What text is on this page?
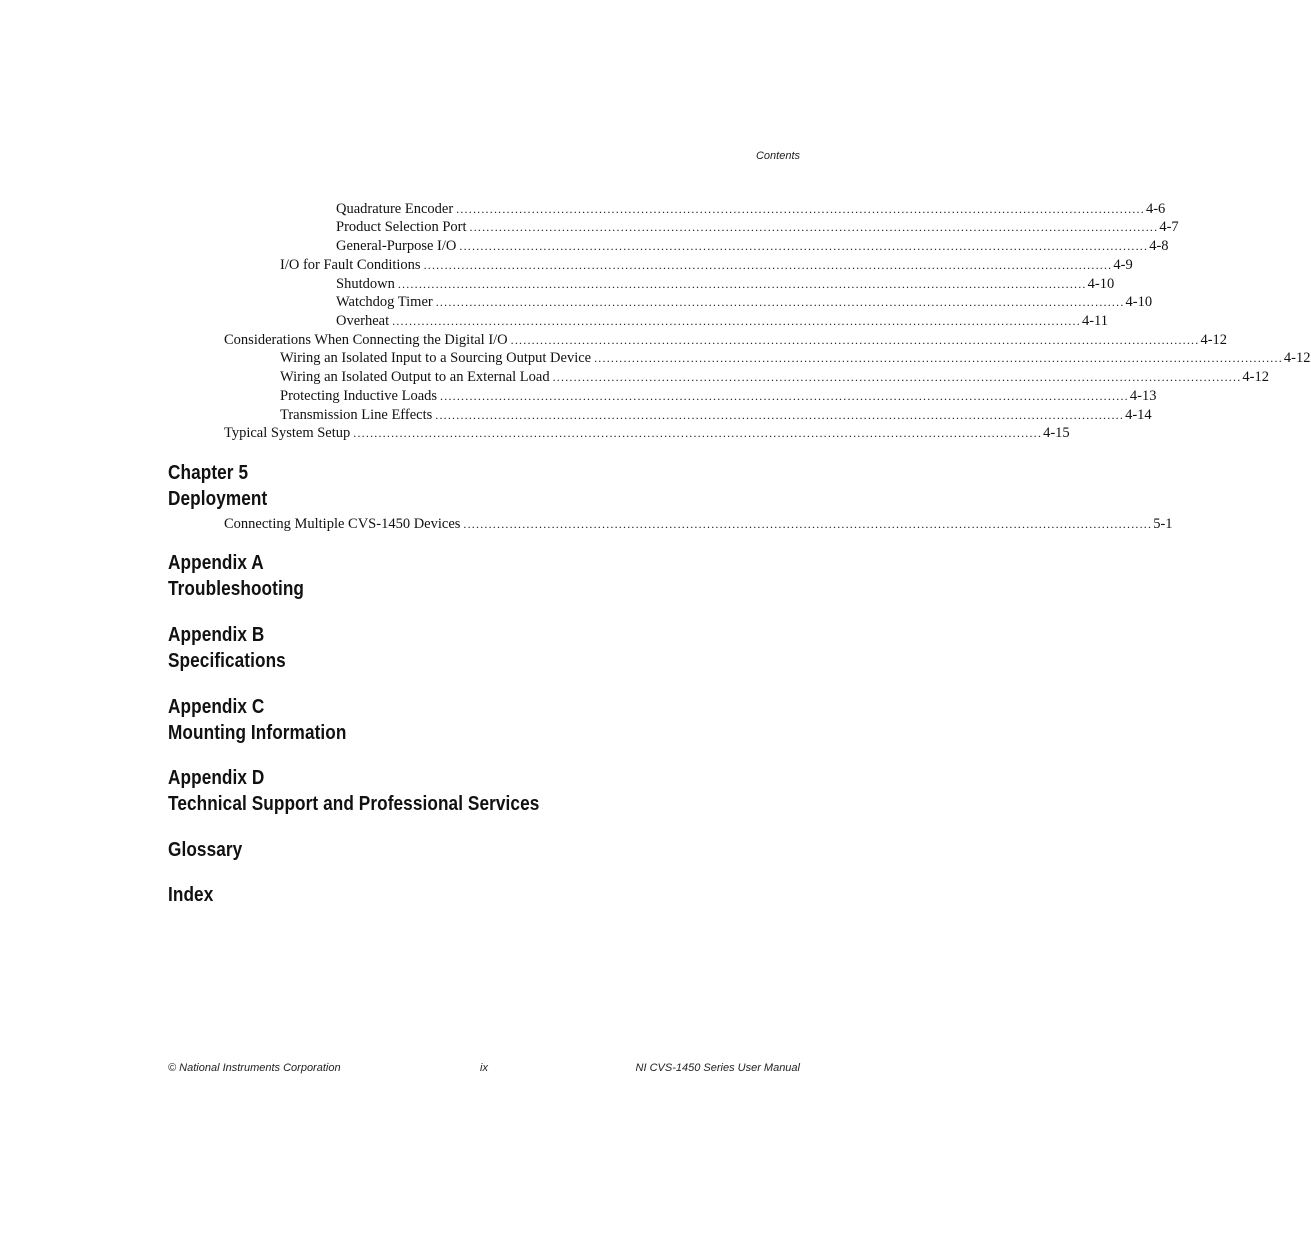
Contents
Quadrature Encoder .................................................................................................................................................................... 4-6
Product Selection Port .................................................................................................................................................................... 4-7
General-Purpose I/O .................................................................................................................................................................... 4-8
I/O for Fault Conditions .................................................................................................................................................................... 4-9
Shutdown .................................................................................................................................................................... 4-10
Watchdog Timer .................................................................................................................................................................... 4-10
Overheat .................................................................................................................................................................... 4-11
Considerations When Connecting the Digital I/O .................................................................................................................................................................... 4-12
Wiring an Isolated Input to a Sourcing Output Device .................................................................................................................................................................... 4-12
Wiring an Isolated Output to an External Load .................................................................................................................................................................... 4-12
Protecting Inductive Loads .................................................................................................................................................................... 4-13
Transmission Line Effects .................................................................................................................................................................... 4-14
Typical System Setup .................................................................................................................................................................... 4-15
Chapter 5
Deployment
Connecting Multiple CVS-1450 Devices .................................................................................................................................................................... 5-1
Appendix A
Troubleshooting
Appendix B
Specifications
Appendix C
Mounting Information
Appendix D
Technical Support and Professional Services
Glossary
Index
© National Instruments Corporation	ix	NI CVS-1450 Series User Manual
